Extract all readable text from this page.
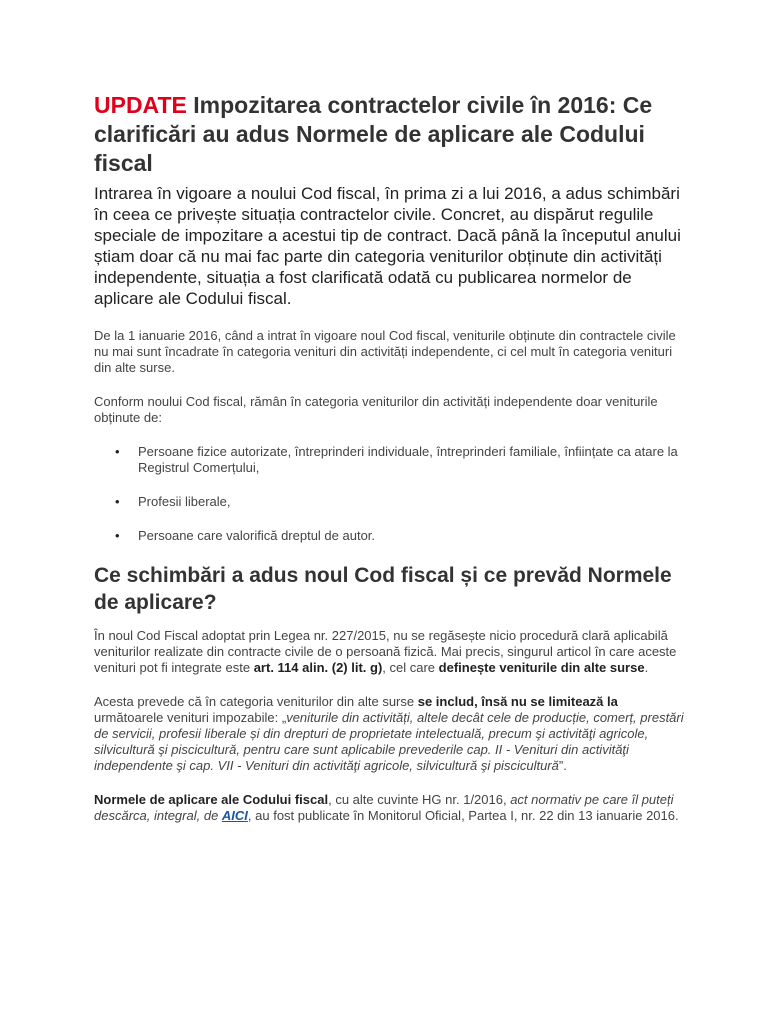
UPDATE Impozitarea contractelor civile în 2016: Ce clarificări au adus Normele de aplicare ale Codului fiscal

Intrarea în vigoare a noului Cod fiscal, în prima zi a lui 2016, a adus schimbări în ceea ce privește situația contractelor civile. Concret, au dispărut regulile speciale de impozitare a acestui tip de contract. Dacă până la începutul anului știam doar că nu mai fac parte din categoria veniturilor obținute din activități independente, situația a fost clarificată odată cu publicarea normelor de aplicare ale Codului fiscal.

De la 1 ianuarie 2016, când a intrat în vigoare noul Cod fiscal, veniturile obținute din contractele civile nu mai sunt încadrate în categoria venituri din activități independente, ci cel mult în categoria venituri din alte surse.

Conform noului Cod fiscal, rămân în categoria veniturilor din activități independente doar veniturile obținute de:

• Persoane fizice autorizate, întreprinderi individuale, întreprinderi familiale, înființate ca atare la Registrul Comerțului,
• Profesii liberale,
• Persoane care valorifică dreptul de autor.
Ce schimbări a adus noul Cod fiscal și ce prevăd Normele de aplicare?

În noul Cod Fiscal adoptat prin Legea nr. 227/2015, nu se regăsește nicio procedură clară aplicabilă veniturilor realizate din contracte civile de o persoană fizică. Mai precis, singurul articol în care aceste venituri pot fi integrate este art. 114 alin. (2) lit. g), cel care definește veniturile din alte surse.

Acesta prevede că în categoria veniturilor din alte surse se includ, însă nu se limitează la următoarele venituri impozabile: „veniturile din activități, altele decât cele de producție, comerț, prestări de servicii, profesii liberale și din drepturi de proprietate intelectuală, precum şi activităţi agricole, silvicultură şi piscicultură, pentru care sunt aplicabile prevederile cap. II - Venituri din activităţi independente şi cap. VII - Venituri din activităţi agricole, silvicultură şi piscicultură”.

Normele de aplicare ale Codului fiscal, cu alte cuvinte HG nr. 1/2016, act normativ pe care îl puteți descărca, integral, de AICI, au fost publicate în Monitorul Oficial, Partea I, nr. 22 din 13 ianuarie 2016.
